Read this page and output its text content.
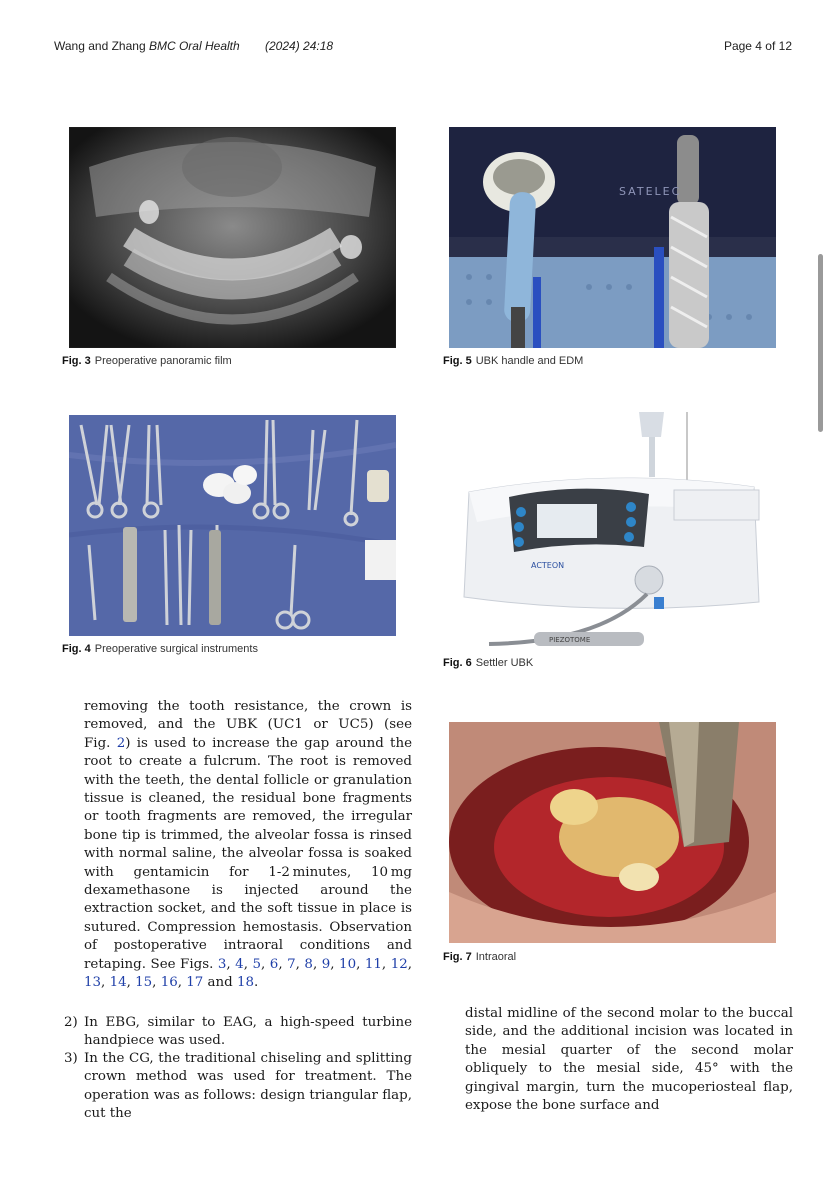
Wang and Zhang BMC Oral Health (2024) 24:18	Page 4 of 12
Fig. 3 Preoperative panoramic film
SATELEC
Fig. 5 UBK handle and EDM
Fig. 4 Preoperative surgical instruments
ACTEON
PIEZOTOME
Fig. 6 Settler UBK
Fig. 7 Intraoral
removing the tooth resistance, the crown is removed, and the UBK (UC1 or UC5) (see Fig. 2) is used to increase the gap around the root to create a fulcrum. The root is removed with the teeth, the dental follicle or granulation tissue is cleaned, the residual bone fragments or tooth fragments are removed, the irregular bone tip is trimmed, the alveolar fossa is rinsed with normal saline, the alveolar fossa is soaked with gentamicin for 1-2 minutes, 10 mg dexamethasone is injected around the extraction socket, and the soft tissue in place is sutured. Compression hemostasis. Observation of postoperative intraoral conditions and retaping. See Figs. 3, 4, 5, 6, 7, 8, 9, 10, 11, 12, 13, 14, 15, 16, 17 and 18.
2) In EBG, similar to EAG, a high-speed turbine handpiece was used.
3) In the CG, the traditional chiseling and splitting crown method was used for treatment. The operation was as follows: design triangular flap, cut the
distal midline of the second molar to the buccal side, and the additional incision was located in the mesial quarter of the second molar obliquely to the mesial side, 45° with the gingival margin, turn the mucoperiosteal flap, expose the bone surface and
